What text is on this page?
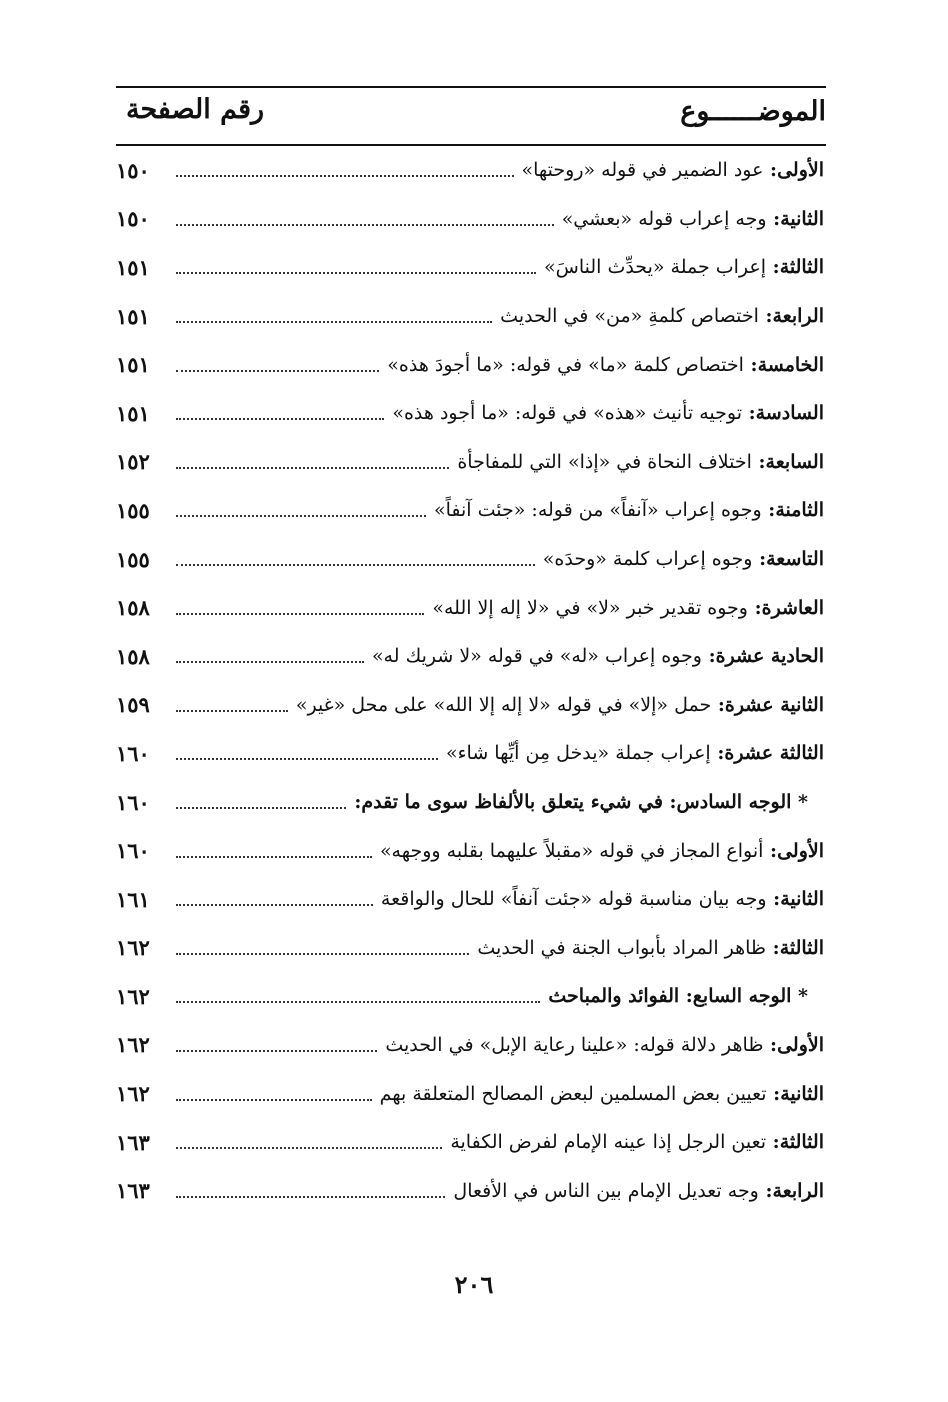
الموضــــــوع
رقم الصفحة
الأولى: عود الضمير في قوله «روحتها»
١٥٠
الثانية: وجه إعراب قوله «بعشي»
١٥٠
الثالثة: إعراب جملة «يحدِّث الناسَ»
١٥١
الرابعة: اختصاص كلمةِ «من» في الحديث
١٥١
الخامسة: اختصاص كلمة «ما» في قوله: «ما أجودَ هذه»
١٥١
السادسة: توجيه تأنيث «هذه» في قوله: «ما أجود هذه»
١٥١
السابعة: اختلاف النحاة في «إذا» التي للمفاجأة
١٥٢
الثامنة: وجوه إعراب «آنفاً» من قوله: «جئت آنفاً»
١٥٥
التاسعة: وجوه إعراب كلمة «وحدَه»
١٥٥
العاشرة: وجوه تقدير خبر «لا» في «لا إله إلا الله»
١٥٨
الحادية عشرة: وجوه إعراب «له» في قوله «لا شريك له»
١٥٨
الثانية عشرة: حمل «إلا» في قوله «لا إله إلا الله» على محل «غير»
١٥٩
الثالثة عشرة: إعراب جملة «يدخل مِن أيِّها شاء»
١٦٠
* الوجه السادس: في شيء يتعلق بالألفاظ سوى ما تقدم:
١٦٠
الأولى: أنواع المجاز في قوله «مقبلاً عليهما بقلبه ووجهه»
١٦٠
الثانية: وجه بيان مناسبة قوله «جئت آنفاً» للحال والواقعة
١٦١
الثالثة: ظاهر المراد بأبواب الجنة في الحديث
١٦٢
* الوجه السابع: الفوائد والمباحث
١٦٢
الأولى: ظاهر دلالة قوله: «علينا رعاية الإبل» في الحديث
١٦٢
الثانية: تعيين بعض المسلمين لبعض المصالح المتعلقة بهم
١٦٢
الثالثة: تعين الرجل إذا عينه الإمام لفرض الكفاية
١٦٣
الرابعة: وجه تعديل الإمام بين الناس في الأفعال
١٦٣
٢٠٦
